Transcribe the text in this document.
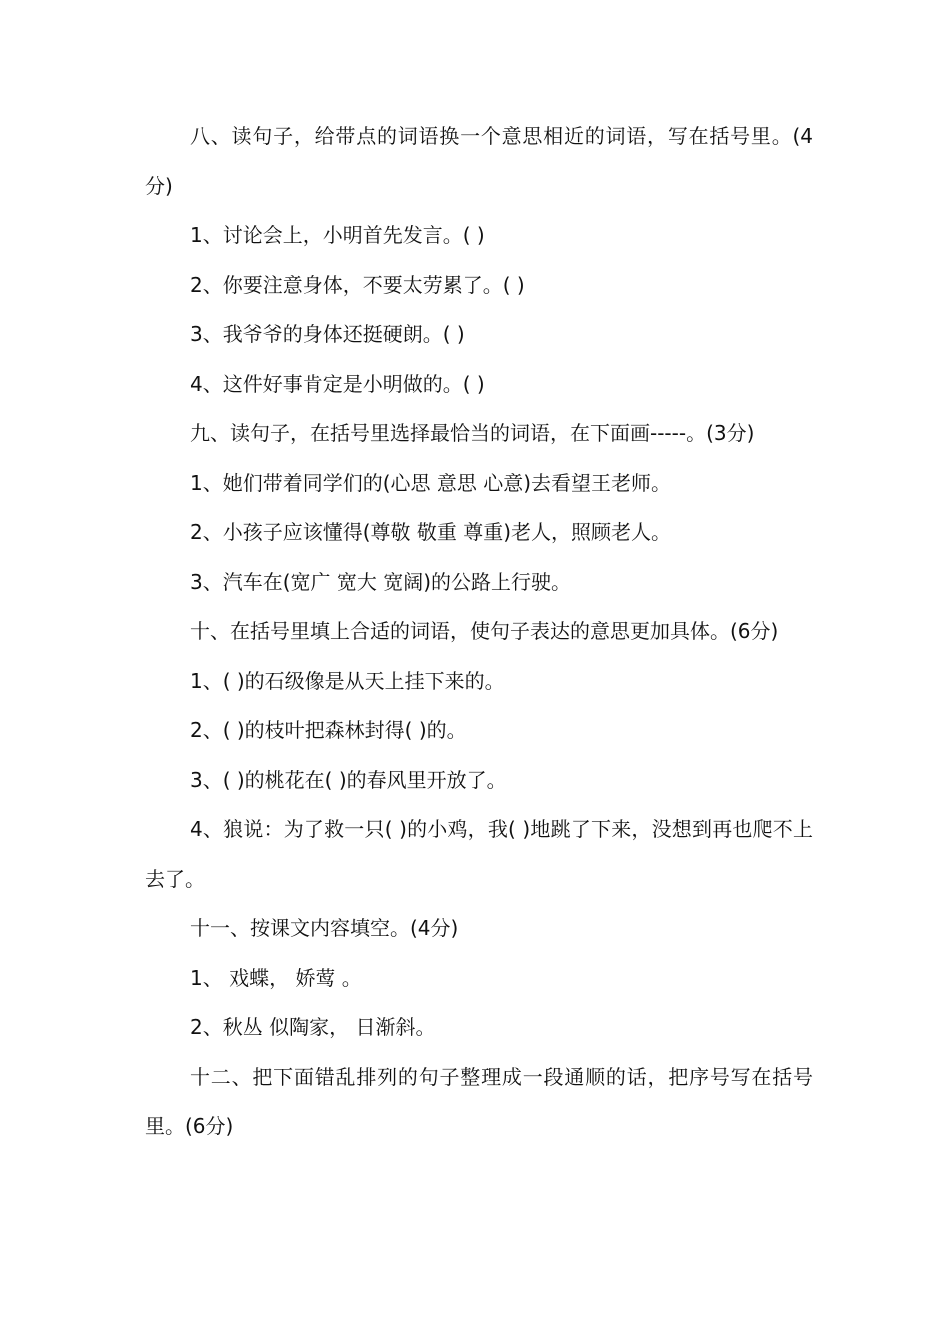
八、读句子，给带点的词语换一个意思相近的词语，写在括号里。(4分)

1、讨论会上，小明首先发言。( )

2、你要注意身体，不要太劳累了。( )

3、我爷爷的身体还挺硬朗。( )

4、这件好事肯定是小明做的。( )

九、读句子，在括号里选择最恰当的词语，在下面画-----。(3分)

1、她们带着同学们的(心思 意思 心意)去看望王老师。

2、小孩子应该懂得(尊敬 敬重 尊重)老人，照顾老人。

3、汽车在(宽广 宽大 宽阔)的公路上行驶。

十、在括号里填上合适的词语，使句子表达的意思更加具体。(6分)

1、( )的石级像是从天上挂下来的。

2、( )的枝叶把森林封得( )的。

3、( )的桃花在( )的春风里开放了。

4、狼说：为了救一只( )的小鸡，我( )地跳了下来，没想到再也爬不上去了。

十一、按课文内容填空。(4分)

1、 戏蝶， 娇莺 。

2、秋丛 似陶家， 日渐斜。

十二、把下面错乱排列的句子整理成一段通顺的话，把序号写在括号里。(6分)
